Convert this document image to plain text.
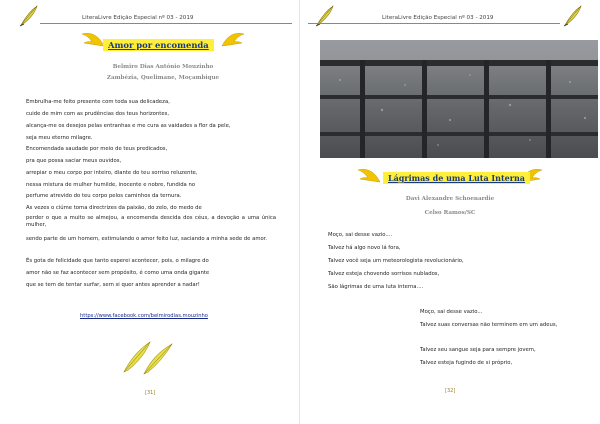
LiteraLivre Edição Especial nº 03 - 2019
Amor por encomenda
Belmiro Dias António Mouzinho
Zambézia, Quelimane, Moçambique
Embrulha-me feito presente com toda sua delicadeza,
cuide de mim com as prudências dos teus horizontes,
alcança-me os desejos pelas entranhas e me cura as vaidades a flor da pele,
seja meu eterno milagre.
Encomendada saudade por meio de teus predicados,
pra que possa saciar meus ouvidos,
arrepiar o meu corpo por inteiro, diante do teu sorriso reluzente,
nessa mistura de mulher humilde, inocente e nobre, fundida no
perfume atrevido do teu corpo pelos caminhos da ternura.
As vezes o ciúme toma directrizes da paixão, do zelo, do medo de
perder o que a muito se almejou, a encomenda descida dos céus, a devoção a uma única mulher,
sendo parte de um homem, estimulando o amor feito luz, saciando a minha sede de amor.
És gota de felicidade que tanto esperei acontecer, pois, o milagre do
amor não se faz acontecer sem propósito, é como uma onda gigante
que se tem de tentar surfar, sem si quer antes aprender a nadar!
https://www.facebook.com/belmirodias.mouzinho
[31]
LiteraLivre Edição Especial nº 03 - 2019
Lágrimas de uma Luta Interna
Davi Alexandre Schoenardie
Celso Ramos/SC
Moço, sai desse vazio....
Talvez há algo novo lá fora,
Talvez você seja um meteorologista revolucionário,
Talvez esteja chovendo sorrisos nublados,
São lágrimas de uma luta interna....
Moço, sai desse vazio...
Talvez suas conversas não terminem em um adeus,
Talvez seu sangue seja para sempre jovem,
Talvez esteja fugindo de si próprio,
[32]
